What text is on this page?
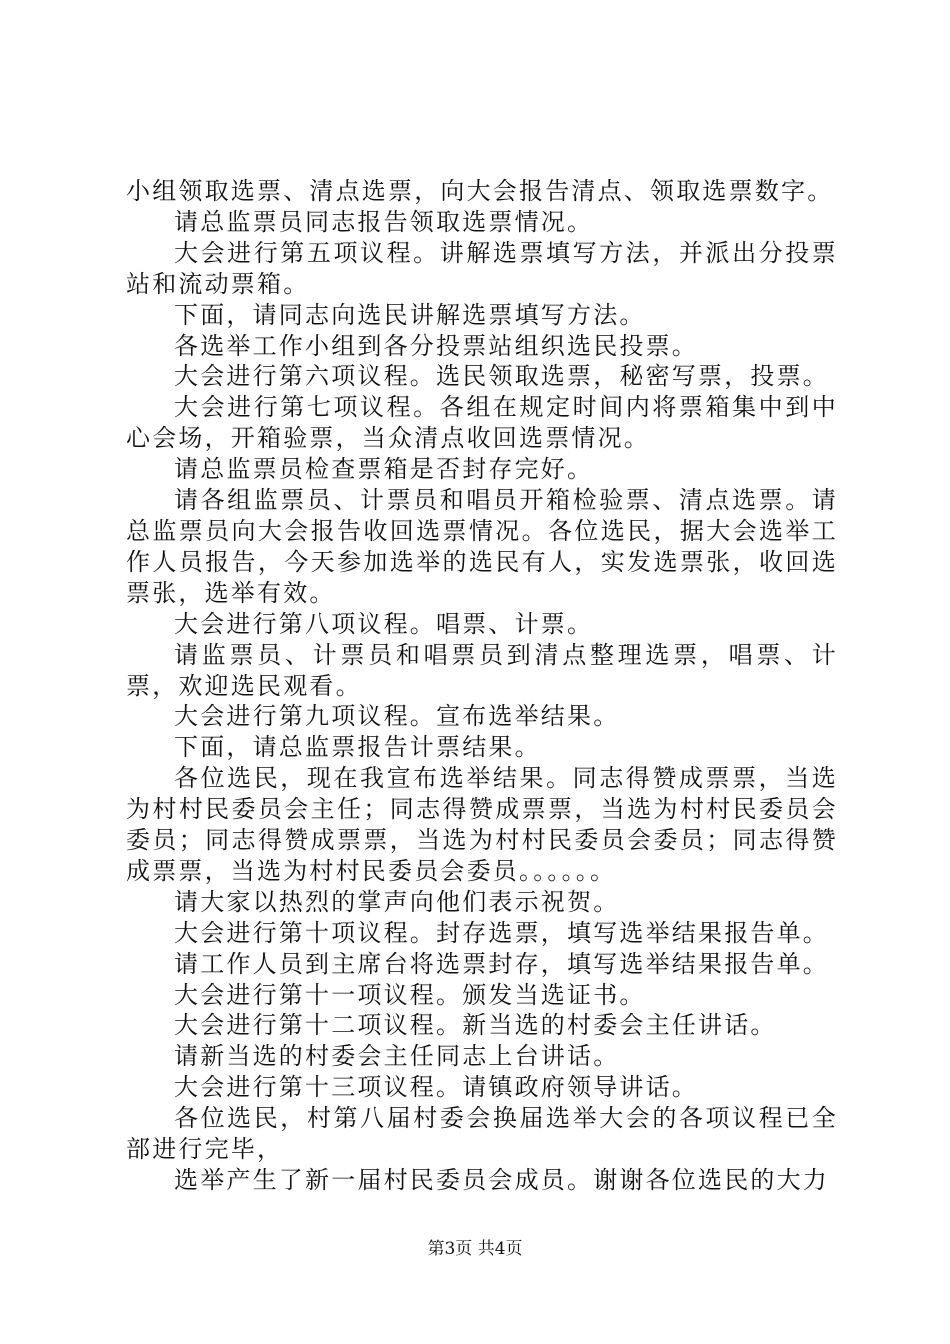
小组领取选票、清点选票，向大会报告清点、领取选票数字。

请总监票员同志报告领取选票情况。

大会进行第五项议程。讲解选票填写方法，并派出分投票站和流动票箱。

下面，请同志向选民讲解选票填写方法。

各选举工作小组到各分投票站组织选民投票。

大会进行第六项议程。选民领取选票，秘密写票，投票。

大会进行第七项议程。各组在规定时间内将票箱集中到中心会场，开箱验票，当众清点收回选票情况。

请总监票员检查票箱是否封存完好。

请各组监票员、计票员和唱员开箱检验票、清点选票。请总监票员向大会报告收回选票情况。各位选民，据大会选举工作人员报告，今天参加选举的选民有人，实发选票张，收回选票张，选举有效。

大会进行第八项议程。唱票、计票。

请监票员、计票员和唱票员到清点整理选票，唱票、计票，欢迎选民观看。

大会进行第九项议程。宣布选举结果。

下面，请总监票报告计票结果。

各位选民，现在我宣布选举结果。同志得赞成票票，当选为村村民委员会主任；同志得赞成票票，当选为村村民委员会委员；同志得赞成票票，当选为村村民委员会委员；同志得赞成票票，当选为村村民委员会委员。。。。。。

请大家以热烈的掌声向他们表示祝贺。

大会进行第十项议程。封存选票，填写选举结果报告单。

请工作人员到主席台将选票封存，填写选举结果报告单。

大会进行第十一项议程。颁发当选证书。

大会进行第十二项议程。新当选的村委会主任讲话。

请新当选的村委会主任同志上台讲话。

大会进行第十三项议程。请镇政府领导讲话。

各位选民，村第八届村委会换届选举大会的各项议程已全部进行完毕，

选举产生了新一届村民委员会成员。谢谢各位选民的大力

第3页 共4页
